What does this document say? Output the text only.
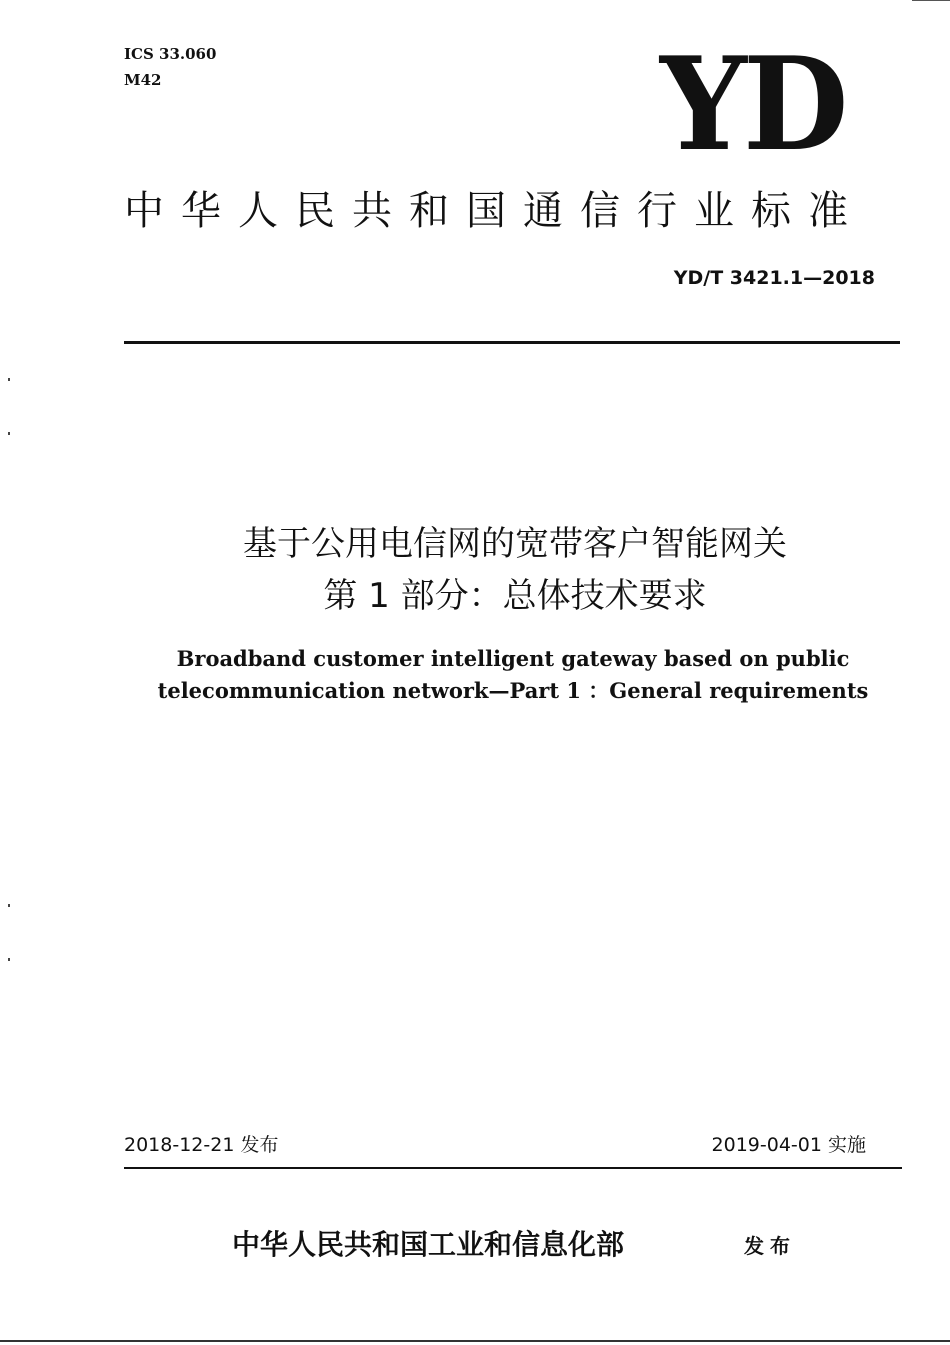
ICS 33.060
M42	YD
中华人民共和国通信行业标准
YD/T 3421.1—2018
基于公用电信网的宽带客户智能网关
第 1 部分：总体技术要求
Broadband customer intelligent gateway based on public
telecommunication network—Part 1 ：General requirements
2018-12-21 发布	2019-04-01 实施
中华人民共和国工业和信息化部	发布
